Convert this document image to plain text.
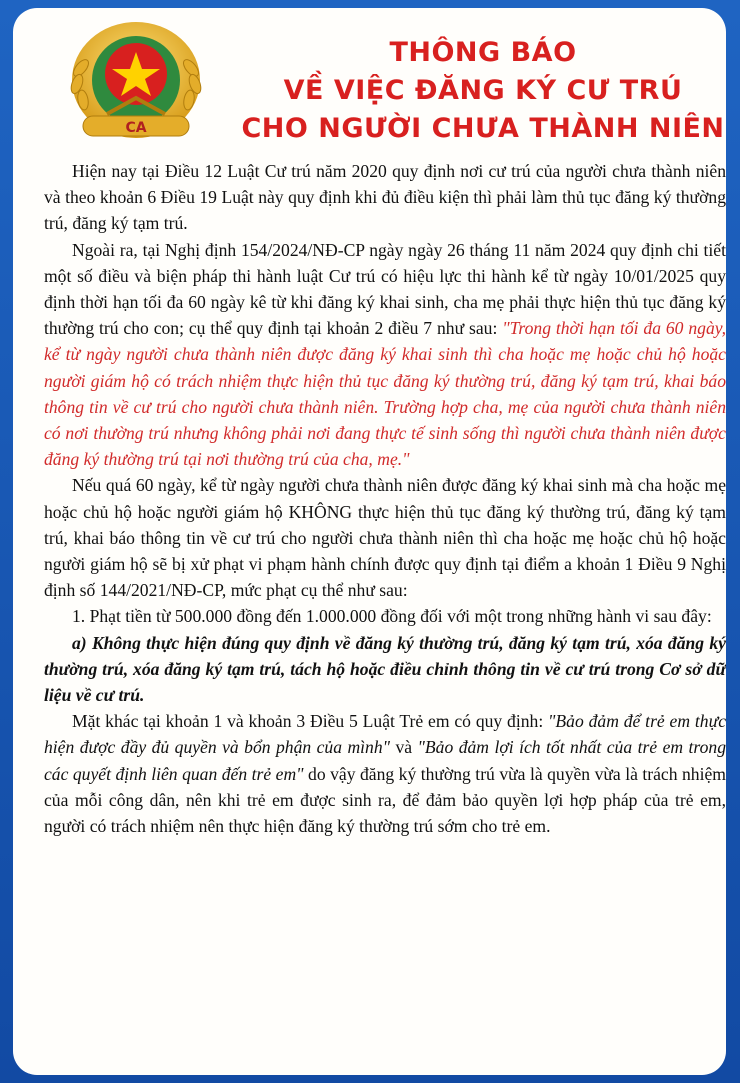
CA
THÔNG BÁO
VỀ VIỆC ĐĂNG KÝ CƯ TRÚ
CHO NGƯỜI CHƯA THÀNH NIÊN

Hiện nay tại Điều 12 Luật Cư trú năm 2020 quy định nơi cư trú của người chưa thành niên và theo khoản 6 Điều 19 Luật này quy định khi đủ điều kiện thì phải làm thủ tục đăng ký thường trú, đăng ký tạm trú.

Ngoài ra, tại Nghị định 154/2024/NĐ-CP ngày ngày 26 tháng 11 năm 2024 quy định chi tiết một số điều và biện pháp thi hành luật Cư trú có hiệu lực thi hành kể từ ngày 10/01/2025 quy định thời hạn tối đa 60 ngày kê từ khi đăng ký khai sinh, cha mẹ phải thực hiện thủ tục đăng ký thường trú cho con; cụ thể quy định tại khoản 2 điều 7 như sau: "Trong thời hạn tối đa 60 ngày, kể từ ngày người chưa thành niên được đăng ký khai sinh thì cha hoặc mẹ hoặc chủ hộ hoặc người giám hộ có trách nhiệm thực hiện thủ tục đăng ký thường trú, đăng ký tạm trú, khai báo thông tin về cư trú cho người chưa thành niên. Trường hợp cha, mẹ của người chưa thành niên có nơi thường trú nhưng không phải nơi đang thực tế sinh sống thì người chưa thành niên được đăng ký thường trú tại nơi thường trú của cha, mẹ."

Nếu quá 60 ngày, kể từ ngày người chưa thành niên được đăng ký khai sinh mà cha hoặc mẹ hoặc chủ hộ hoặc người giám hộ KHÔNG thực hiện thủ tục đăng ký thường trú, đăng ký tạm trú, khai báo thông tin về cư trú cho người chưa thành niên thì cha hoặc mẹ hoặc chủ hộ hoặc người giám hộ sẽ bị xử phạt vi phạm hành chính được quy định tại điểm a khoản 1 Điều 9 Nghị định số 144/2021/NĐ-CP, mức phạt cụ thể như sau:

1. Phạt tiền từ 500.000 đồng đến 1.000.000 đồng đối với một trong những hành vi sau đây:

a) Không thực hiện đúng quy định về đăng ký thường trú, đăng ký tạm trú, xóa đăng ký thường trú, xóa đăng ký tạm trú, tách hộ hoặc điều chỉnh thông tin về cư trú trong Cơ sở dữ liệu về cư trú.

Mặt khác tại khoản 1 và khoản 3 Điều 5 Luật Trẻ em có quy định: "Bảo đảm để trẻ em thực hiện được đầy đủ quyền và bổn phận của mình" và "Bảo đảm lợi ích tốt nhất của trẻ em trong các quyết định liên quan đến trẻ em" do vậy đăng ký thường trú vừa là quyền vừa là trách nhiệm của mỗi công dân, nên khi trẻ em được sinh ra, để đảm bảo quyền lợi hợp pháp của trẻ em, người có trách nhiệm nên thực hiện đăng ký thường trú sớm cho trẻ em.
